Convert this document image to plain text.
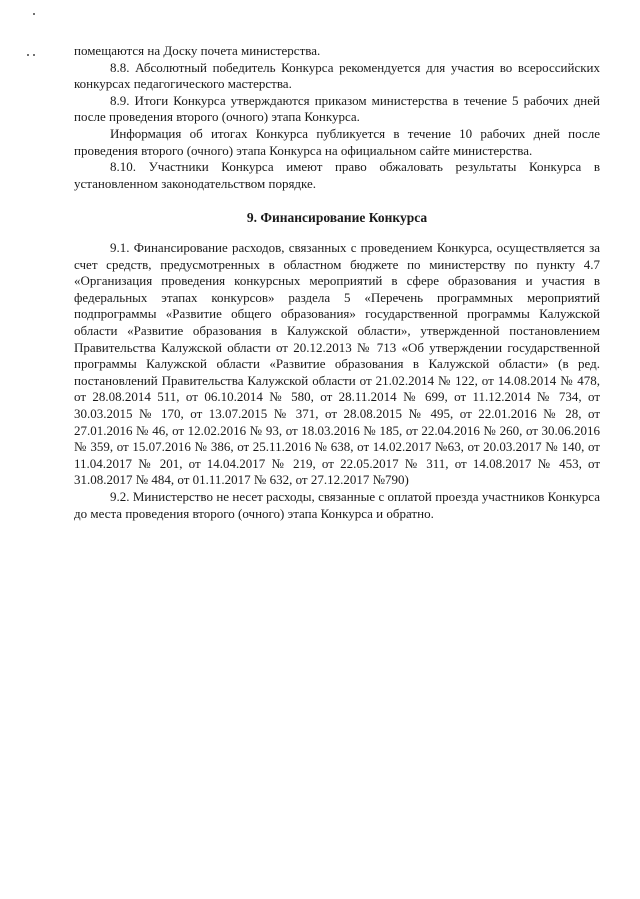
помещаются на Доску почета министерства.

8.8. Абсолютный победитель Конкурса рекомендуется для участия во всероссийских конкурсах педагогического мастерства.

8.9. Итоги Конкурса утверждаются приказом министерства в течение 5 рабочих дней после проведения второго (очного) этапа Конкурса.

Информация об итогах Конкурса публикуется в течение 10 рабочих дней после проведения второго (очного) этапа Конкурса на официальном сайте министерства.

8.10. Участники Конкурса имеют право обжаловать результаты Конкурса в установленном законодательством порядке.

9. Финансирование Конкурса

9.1. Финансирование расходов, связанных с проведением Конкурса, осуществляется за счет средств, предусмотренных в областном бюджете по министерству по пункту 4.7 «Организация проведения конкурсных мероприятий в сфере образования и участия в федеральных этапах конкурсов» раздела 5 «Перечень программных мероприятий подпрограммы «Развитие общего образования» государственной программы Калужской области «Развитие образования в Калужской области», утвержденной постановлением Правительства Калужской области от 20.12.2013 № 713 «Об утверждении государственной программы Калужской области «Развитие образования в Калужской области» (в ред. постановлений Правительства Калужской области от 21.02.2014 № 122, от 14.08.2014 № 478, от 28.08.2014 511, от 06.10.2014 № 580, от 28.11.2014 № 699, от 11.12.2014 № 734, от 30.03.2015 № 170, от 13.07.2015 № 371, от 28.08.2015 № 495, от 22.01.2016 № 28, от 27.01.2016 № 46, от 12.02.2016 № 93, от 18.03.2016 № 185, от 22.04.2016 № 260, от 30.06.2016 № 359, от 15.07.2016 № 386, от 25.11.2016 № 638, от 14.02.2017 №63, от 20.03.2017 № 140, от 11.04.2017 № 201, от 14.04.2017 № 219, от 22.05.2017 № 311, от 14.08.2017 № 453, от 31.08.2017 № 484, от 01.11.2017 № 632, от 27.12.2017 №790)

9.2. Министерство не несет расходы, связанные с оплатой проезда участников Конкурса до места проведения второго (очного) этапа Конкурса и обратно.
